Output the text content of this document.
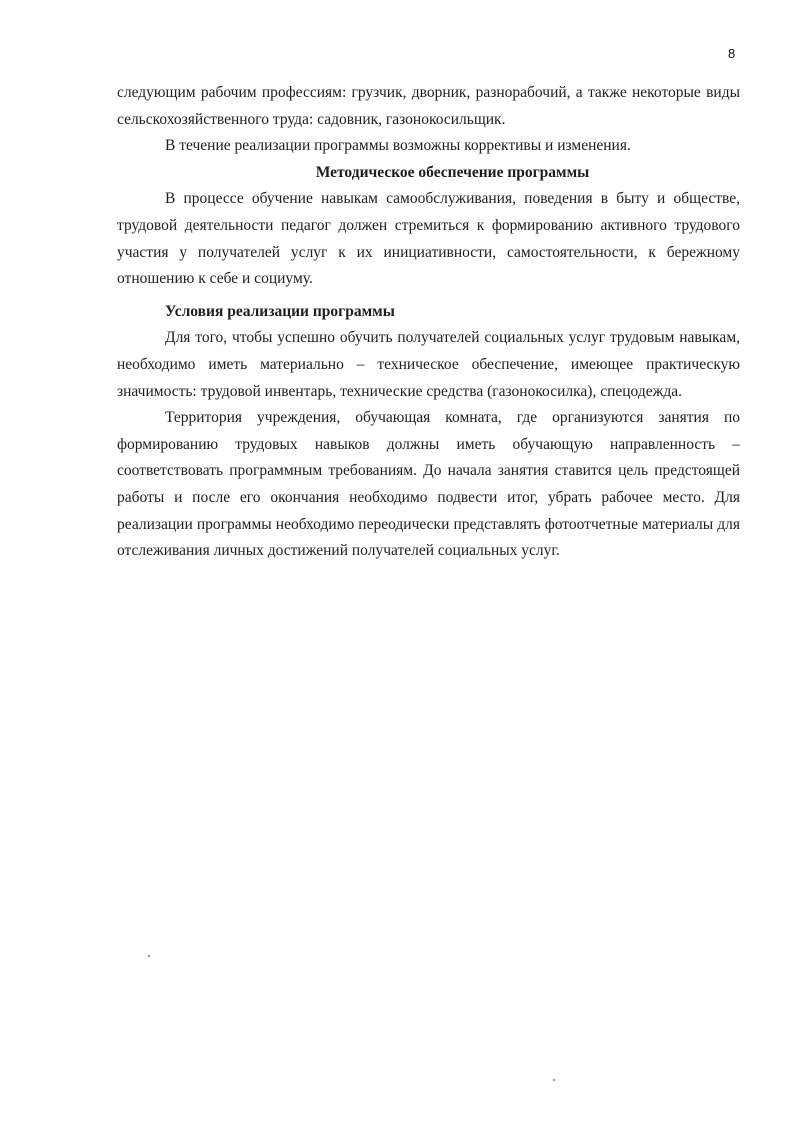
8

следующим рабочим профессиям: грузчик, дворник, разнорабочий, а также некоторые виды сельскохозяйственного труда: садовник, газонокосильщик.

В течение реализации программы возможны коррективы и изменения.

Методическое обеспечение программы

В процессе обучение навыкам самообслуживания, поведения в быту и обществе, трудовой деятельности педагог должен стремиться к формированию активного трудового участия у получателей услуг к их инициативности, самостоятельности, к бережному отношению к себе и социуму.

Условия реализации программы

Для того, чтобы успешно обучить получателей социальных услуг трудовым навыкам, необходимо иметь материально – техническое обеспечение, имеющее практическую значимость: трудовой инвентарь, технические средства (газонокосилка), спецодежда.

Территория учреждения, обучающая комната, где организуются занятия по формированию трудовых навыков должны иметь обучающую направленность – соответствовать программным требованиям. До начала занятия ставится цель предстоящей работы и после его окончания необходимо подвести итог, убрать рабочее место. Для реализации программы необходимо переодически представлять фотоотчетные материалы для отслеживания личных достижений получателей социальных услуг.
